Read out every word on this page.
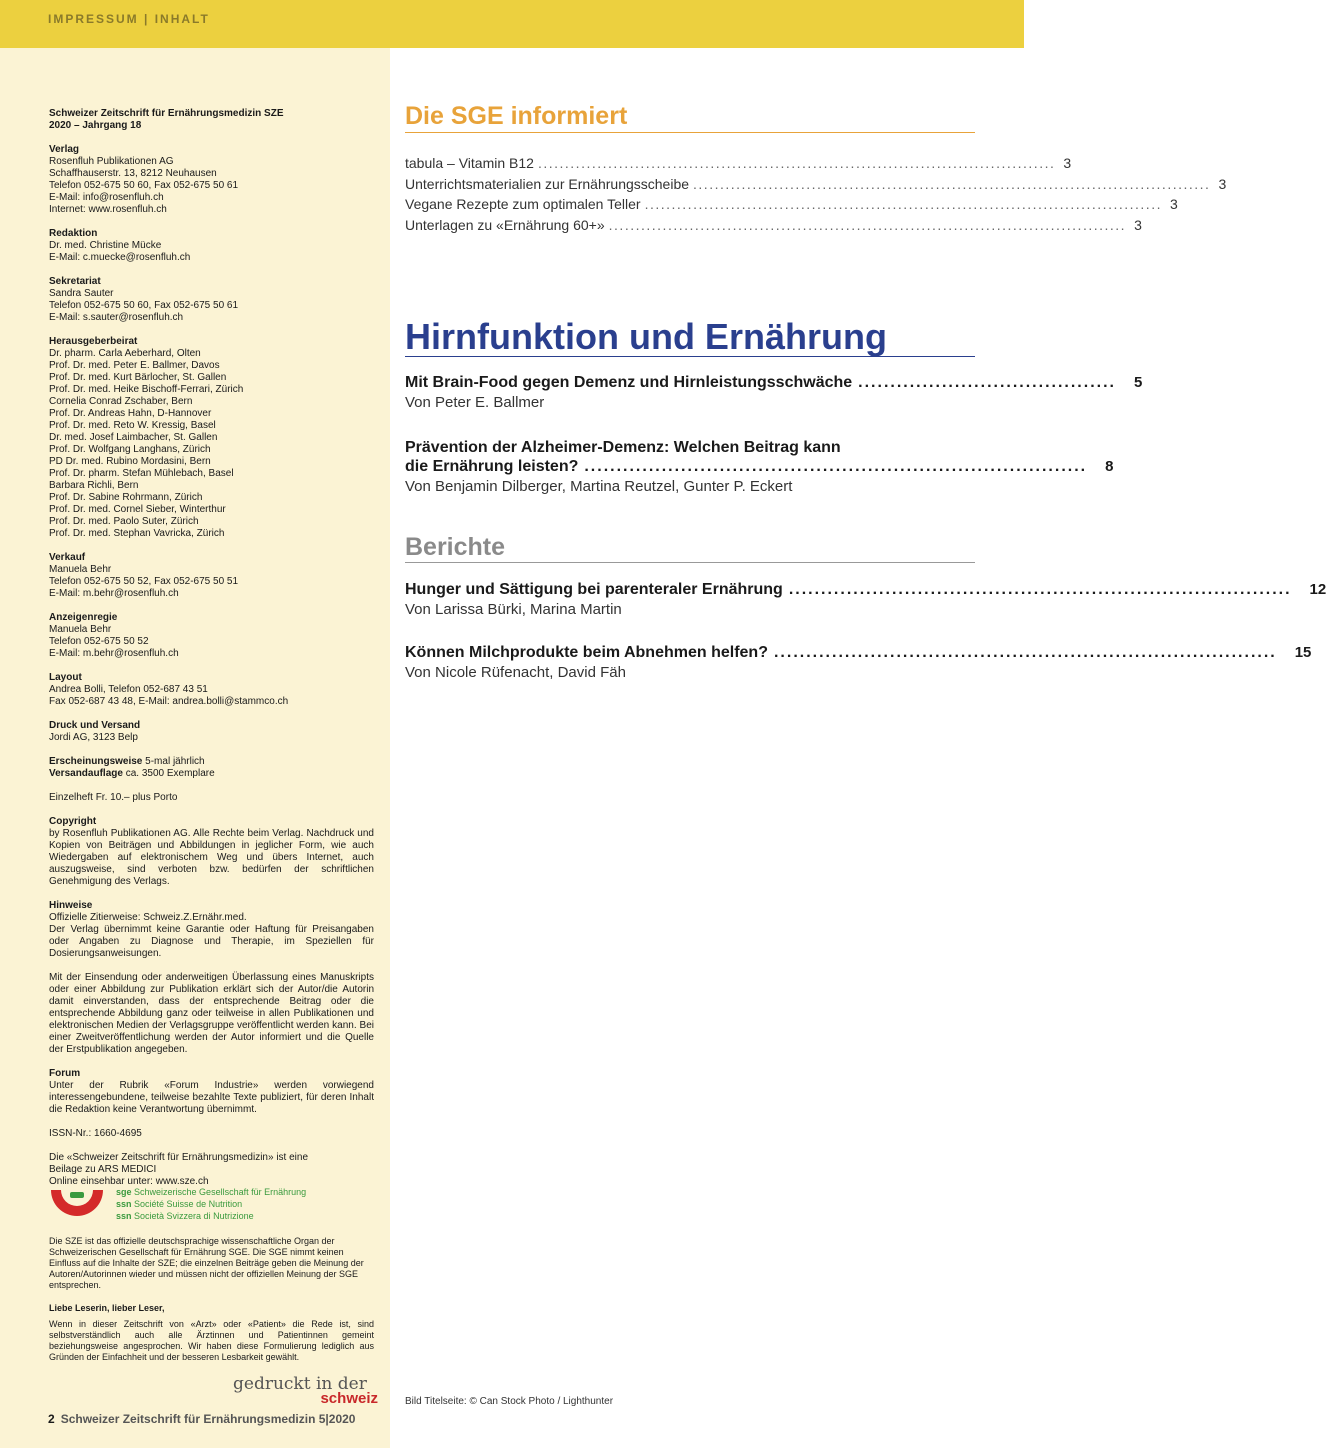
IMPRESSUM | INHALT
Schweizer Zeitschrift für Ernährungsmedizin SZE
2020 – Jahrgang 18
Verlag
Rosenfluh Publikationen AG
Schaffhauserstr. 13, 8212 Neuhausen
Telefon 052-675 50 60, Fax 052-675 50 61
E-Mail: info@rosenfluh.ch
Internet: www.rosenfluh.ch
Redaktion
Dr. med. Christine Mücke
E-Mail: c.muecke@rosenfluh.ch
Sekretariat
Sandra Sauter
Telefon 052-675 50 60, Fax 052-675 50 61
E-Mail: s.sauter@rosenfluh.ch
Herausgeberbeirat
Dr. pharm. Carla Aeberhard, Olten
Prof. Dr. med. Peter E. Ballmer, Davos
Prof. Dr. med. Kurt Bärlocher, St. Gallen
Prof. Dr. med. Heike Bischoff-Ferrari, Zürich
Cornelia Conrad Zschaber, Bern
Prof. Dr. Andreas Hahn, D-Hannover
Prof. Dr. med. Reto W. Kressig, Basel
Dr. med. Josef Laimbacher, St. Gallen
Prof. Dr. Wolfgang Langhans, Zürich
PD Dr. med. Rubino Mordasini, Bern
Prof. Dr. pharm. Stefan Mühlebach, Basel
Barbara Richli, Bern
Prof. Dr. Sabine Rohrmann, Zürich
Prof. Dr. med. Cornel Sieber, Winterthur
Prof. Dr. med. Paolo Suter, Zürich
Prof. Dr. med. Stephan Vavricka, Zürich
Verkauf
Manuela Behr
Telefon 052-675 50 52, Fax 052-675 50 51
E-Mail: m.behr@rosenfluh.ch
Anzeigenregie
Manuela Behr
Telefon 052-675 50 52
E-Mail: m.behr@rosenfluh.ch
Layout
Andrea Bolli, Telefon 052-687 43 51
Fax 052-687 43 48, E-Mail: andrea.bolli@stammco.ch
Druck und Versand
Jordi AG, 3123 Belp
Erscheinungsweise 5-mal jährlich
Versandauflage ca. 3500 Exemplare
Einzelheft Fr. 10.– plus Porto
Copyright
by Rosenfluh Publikationen AG. Alle Rechte beim Verlag. Nachdruck und Kopien von Beiträgen und Abbildungen in jeglicher Form, wie auch Wiedergaben auf elektronischem Weg und übers Internet, auch auszugsweise, sind verboten bzw. bedürfen der schriftlichen Genehmigung des Verlags.
Hinweise
Offizielle Zitierweise: Schweiz.Z.Ernähr.med.
Der Verlag übernimmt keine Garantie oder Haftung für Preisangaben oder Angaben zu Diagnose und Therapie, im Speziellen für Dosierungsanweisungen.
Mit der Einsendung oder anderweitigen Überlassung eines Manuskripts oder einer Abbildung zur Publikation erklärt sich der Autor/die Autorin damit einverstanden, dass der entsprechende Beitrag oder die entsprechende Abbildung ganz oder teilweise in allen Publikationen und elektronischen Medien der Verlagsgruppe veröffentlicht werden kann. Bei einer Zweitveröffentlichung werden der Autor informiert und die Quelle der Erstpublikation angegeben.
Forum
Unter der Rubrik «Forum Industrie» werden vorwiegend interessengebundene, teilweise bezahlte Texte publiziert, für deren Inhalt die Redaktion keine Verantwortung übernimmt.
ISSN-Nr.: 1660-4695
Die «Schweizer Zeitschrift für Ernährungsmedizin» ist eine
Beilage zu ARS MEDICI
Online einsehbar unter: www.sze.ch
sge Schweizerische Gesellschaft für Ernährung
ssn Société Suisse de Nutrition
ssn Società Svizzera di Nutrizione
Die SZE ist das offizielle deutschsprachige wissenschaftliche Organ der Schweizerischen Gesellschaft für Ernährung SGE. Die SGE nimmt keinen Einfluss auf die Inhalte der SZE; die einzelnen Beiträge geben die Meinung der Autoren/Autorinnen wieder und müssen nicht der offiziellen Meinung der SGE entsprechen.
Liebe Leserin, lieber Leser,
Wenn in dieser Zeitschrift von «Arzt» oder «Patient» die Rede ist, sind selbstverständlich auch alle Ärztinnen und Patientinnen gemeint beziehungsweise angesprochen. Wir haben diese Formulierung lediglich aus Gründen der Einfachheit und der besseren Lesbarkeit gewählt.
gedruckt in der
schweiz
2 Schweizer Zeitschrift für Ernährungsmedizin 5|2020
Bild Titelseite: © Can Stock Photo / Lighthunter
Die SGE informiert
tabula – Vitamin B12 ................................................................................................ 3
Unterrichtsmaterialien zur Ernährungsscheibe ................................................................................................ 3
Vegane Rezepte zum optimalen Teller ................................................................................................ 3
Unterlagen zu «Ernährung 60+» ................................................................................................ 3
Hirnfunktion und Ernährung
Mit Brain-Food gegen Demenz und Hirnleistungsschwäche ........................................ 5
Von Peter E. Ballmer
Prävention der Alzheimer-Demenz: Welchen Beitrag kann
die Ernährung leisten? .............................................................................. 8
Von Benjamin Dilberger, Martina Reutzel, Gunter P. Eckert
Berichte
Hunger und Sättigung bei parenteraler Ernährung .............................................................................. 12
Von Larissa Bürki, Marina Martin
Können Milchprodukte beim Abnehmen helfen? .............................................................................. 15
Von Nicole Rüfenacht, David Fäh
